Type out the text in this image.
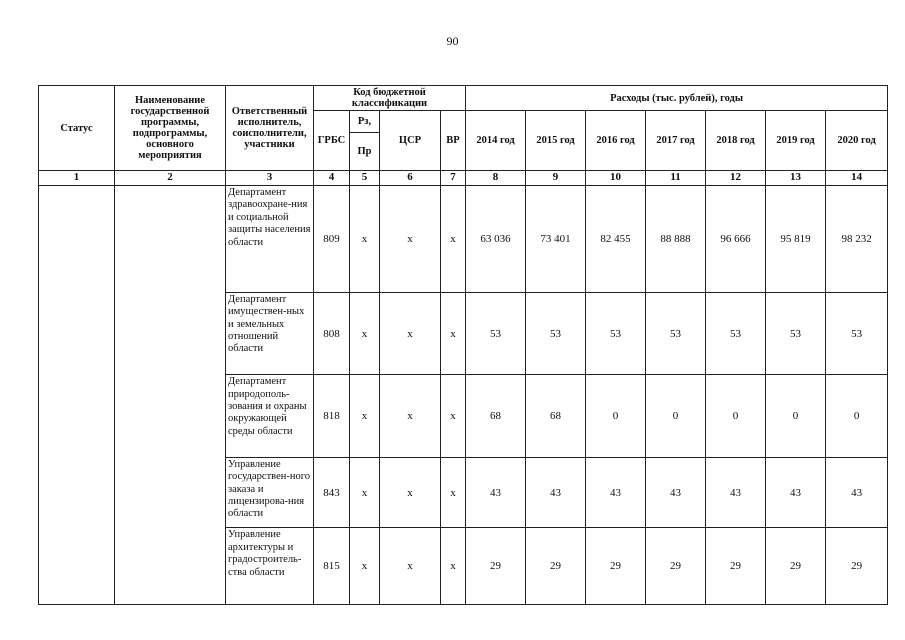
90
Статус	Наименование государственной программы, подпрограммы, основного мероприятия	Ответственный исполнитель, соисполнители, участники	Код бюджетной классификации				Расходы (тыс. рублей), годы						
			ГРБС	Рз,	ЦСР	ВР	2014 год	2015 год	2016 год	2017 год	2018 год	2019 год	2020 год
				Пр									
1	2	3	4	5	6	7	8	9	10	11	12	13	14
		Департамент здравоохране-ния и социальной защиты населения области	809	х	х	х	63 036	73 401	82 455	88 888	96 666	95 819	98 232
		Департамент имуществен-ных и земельных отношений области	808	х	х	х	53	53	53	53	53	53	53
		Департамент природополь-зования и охраны окружающей среды области	818	х	х	х	68	68	0	0	0	0	0
		Управление государствен-ного заказа и лицензирова-ния области	843	х	х	х	43	43	43	43	43	43	43
		Управление архитектуры и градостроитель-ства области	815	х	х	х	29	29	29	29	29	29	29
